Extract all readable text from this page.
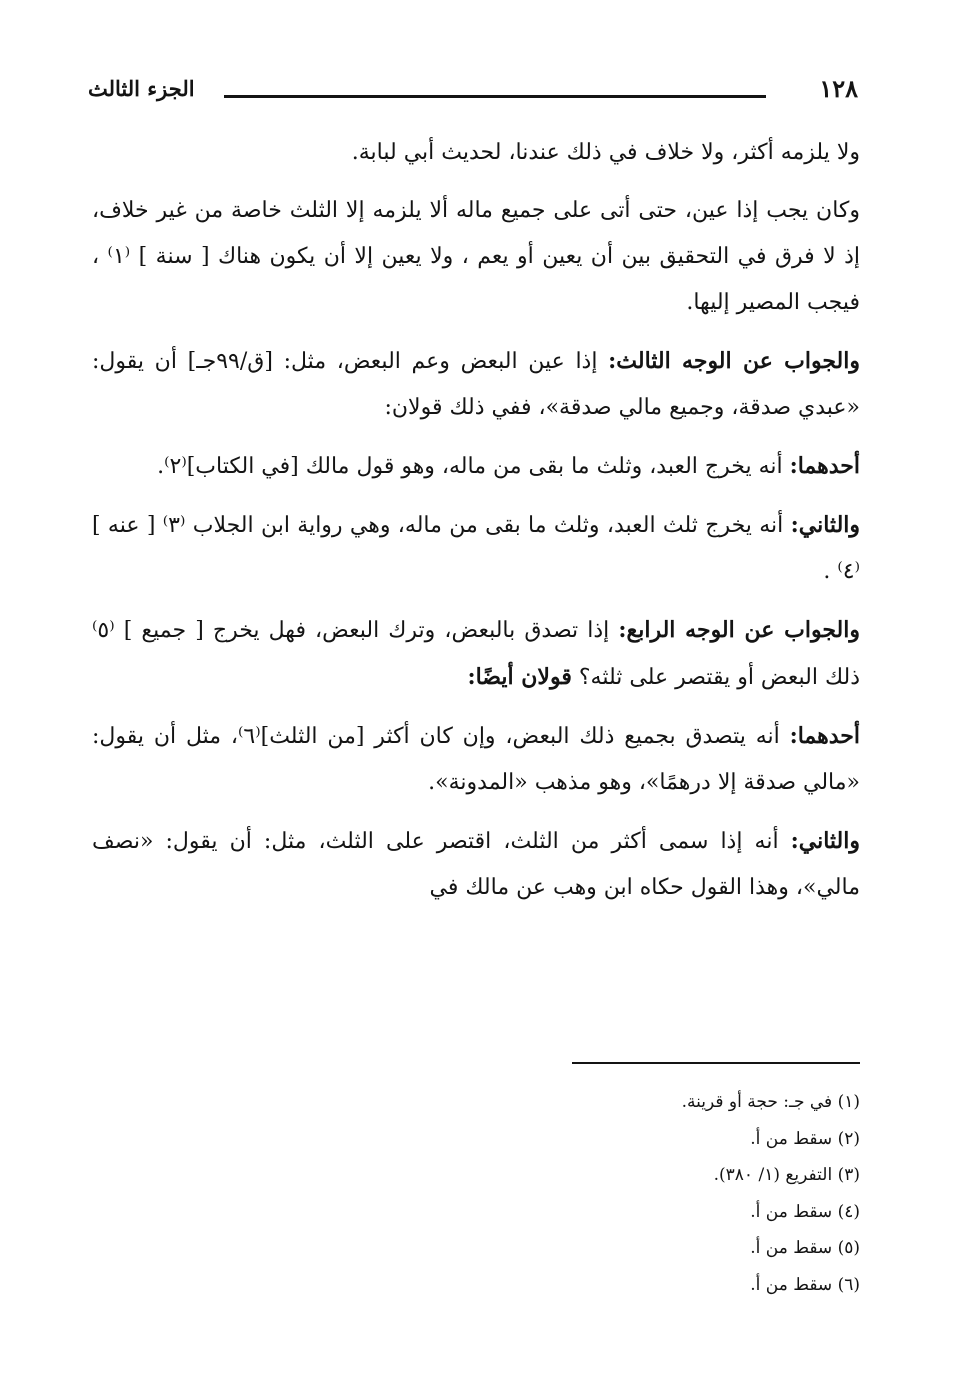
الجزء الثالث	١٢٨

ولا يلزمه أكثر، ولا خلاف في ذلك عندنا، لحديث أبي لبابة.

وكان يجب إذا عين، حتى أتى على جميع ماله ألا يلزمه إلا الثلث خاصة من غير خلاف، إذ لا فرق في التحقيق بين أن يعين أو يعم ، ولا يعين إلا أن يكون هناك [ سنة ] ⁽١⁾ ، فيجب المصير إليها.

والجواب عن الوجه الثالث: إذا عين البعض وعم البعض، مثل: [ق/٩٩جـ] أن يقول: «عبدي صدقة، وجميع مالي صدقة»، ففي ذلك قولان:

أحدهما: أنه يخرج العبد، وثلث ما بقى من ماله، وهو قول مالك [في الكتاب]⁽٢⁾.

والثاني: أنه يخرج ثلث العبد، وثلث ما بقى من ماله، وهي رواية ابن الجلاب ⁽٣⁾ [ عنه ] ⁽٤⁾ .

والجواب عن الوجه الرابع: إذا تصدق بالبعض، وترك البعض، فهل يخرج [ جميع ] ⁽٥⁾ ذلك البعض أو يقتصر على ثلثه؟ قولان أيضًا:

أحدهما: أنه يتصدق بجميع ذلك البعض، وإن كان أكثر [من الثلث]⁽٦⁾، مثل أن يقول: «مالي صدقة إلا درهمًا»، وهو مذهب «المدونة».

والثاني: أنه إذا سمى أكثر من الثلث، اقتصر على الثلث، مثل: أن يقول: «نصف مالي»، وهذا القول حكاه ابن وهب عن مالك في

(١) في جـ: حجة أو قرينة.
(٢) سقط من أ.
(٣) التفريع (١/ ٣٨٠).
(٤) سقط من أ.
(٥) سقط من أ.
(٦) سقط من أ.
